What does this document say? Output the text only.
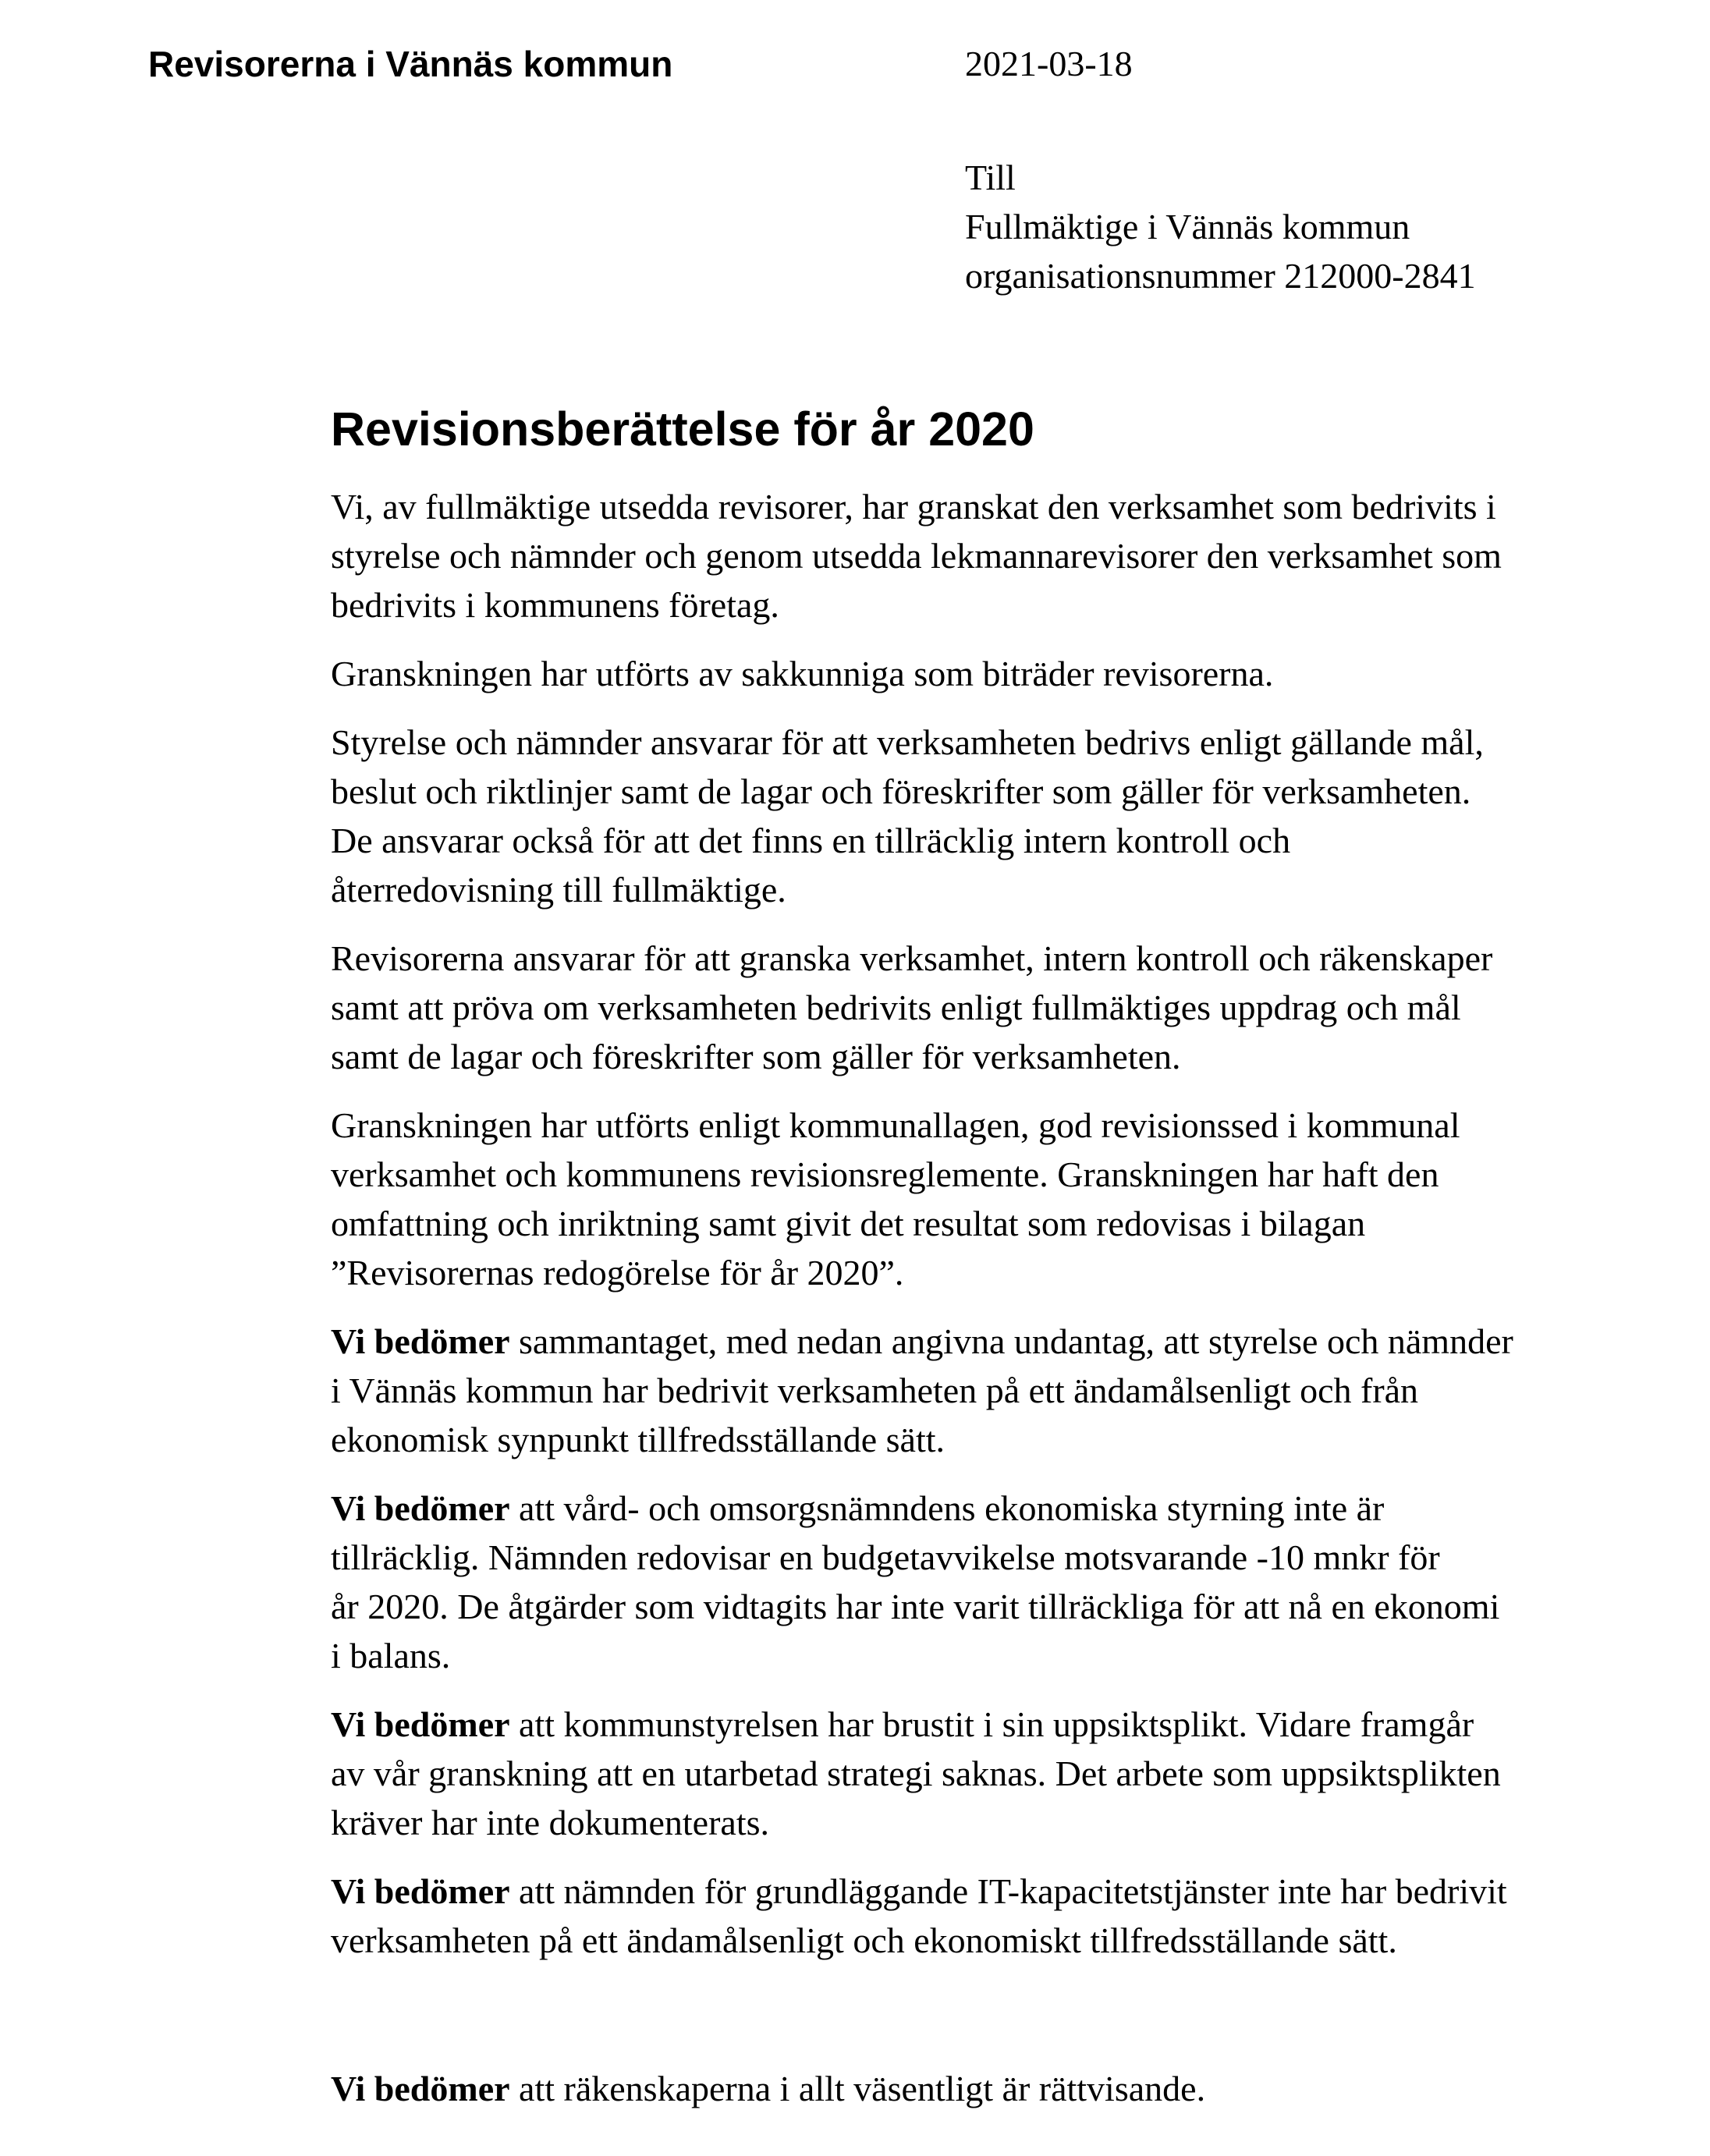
Revisorerna i Vännäs kommun	2021-03-18
Till
Fullmäktige i Vännäs kommun
organisationsnummer 212000-2841
Revisionsberättelse för år 2020

Vi, av fullmäktige utsedda revisorer, har granskat den verksamhet som bedrivits i
styrelse och nämnder och genom utsedda lekmannarevisorer den verksamhet som
bedrivits i kommunens företag.

Granskningen har utförts av sakkunniga som biträder revisorerna.

Styrelse och nämnder ansvarar för att verksamheten bedrivs enligt gällande mål,
beslut och riktlinjer samt de lagar och föreskrifter som gäller för verksamheten.
De ansvarar också för att det finns en tillräcklig intern kontroll och
återredovisning till fullmäktige.

Revisorerna ansvarar för att granska verksamhet, intern kontroll och räkenskaper
samt att pröva om verksamheten bedrivits enligt fullmäktiges uppdrag och mål
samt de lagar och föreskrifter som gäller för verksamheten.

Granskningen har utförts enligt kommunallagen, god revisionssed i kommunal
verksamhet och kommunens revisionsreglemente. Granskningen har haft den
omfattning och inriktning samt givit det resultat som redovisas i bilagan
”Revisorernas redogörelse för år 2020”.

Vi bedömer sammantaget, med nedan angivna undantag, att styrelse och nämnder
i Vännäs kommun har bedrivit verksamheten på ett ändamålsenligt och från
ekonomisk synpunkt tillfredsställande sätt.

Vi bedömer att vård- och omsorgsnämndens ekonomiska styrning inte är
tillräcklig. Nämnden redovisar en budgetavvikelse motsvarande -10 mnkr för
år 2020. De åtgärder som vidtagits har inte varit tillräckliga för att nå en ekonomi
i balans.

Vi bedömer att kommunstyrelsen har brustit i sin uppsiktsplikt. Vidare framgår
av vår granskning att en utarbetad strategi saknas. Det arbete som uppsiktsplikten
kräver har inte dokumenterats.

Vi bedömer att nämnden för grundläggande IT-kapacitetstjänster inte har bedrivit
verksamheten på ett ändamålsenligt och ekonomiskt tillfredsställande sätt.

Vi bedömer att räkenskaperna i allt väsentligt är rättvisande.
